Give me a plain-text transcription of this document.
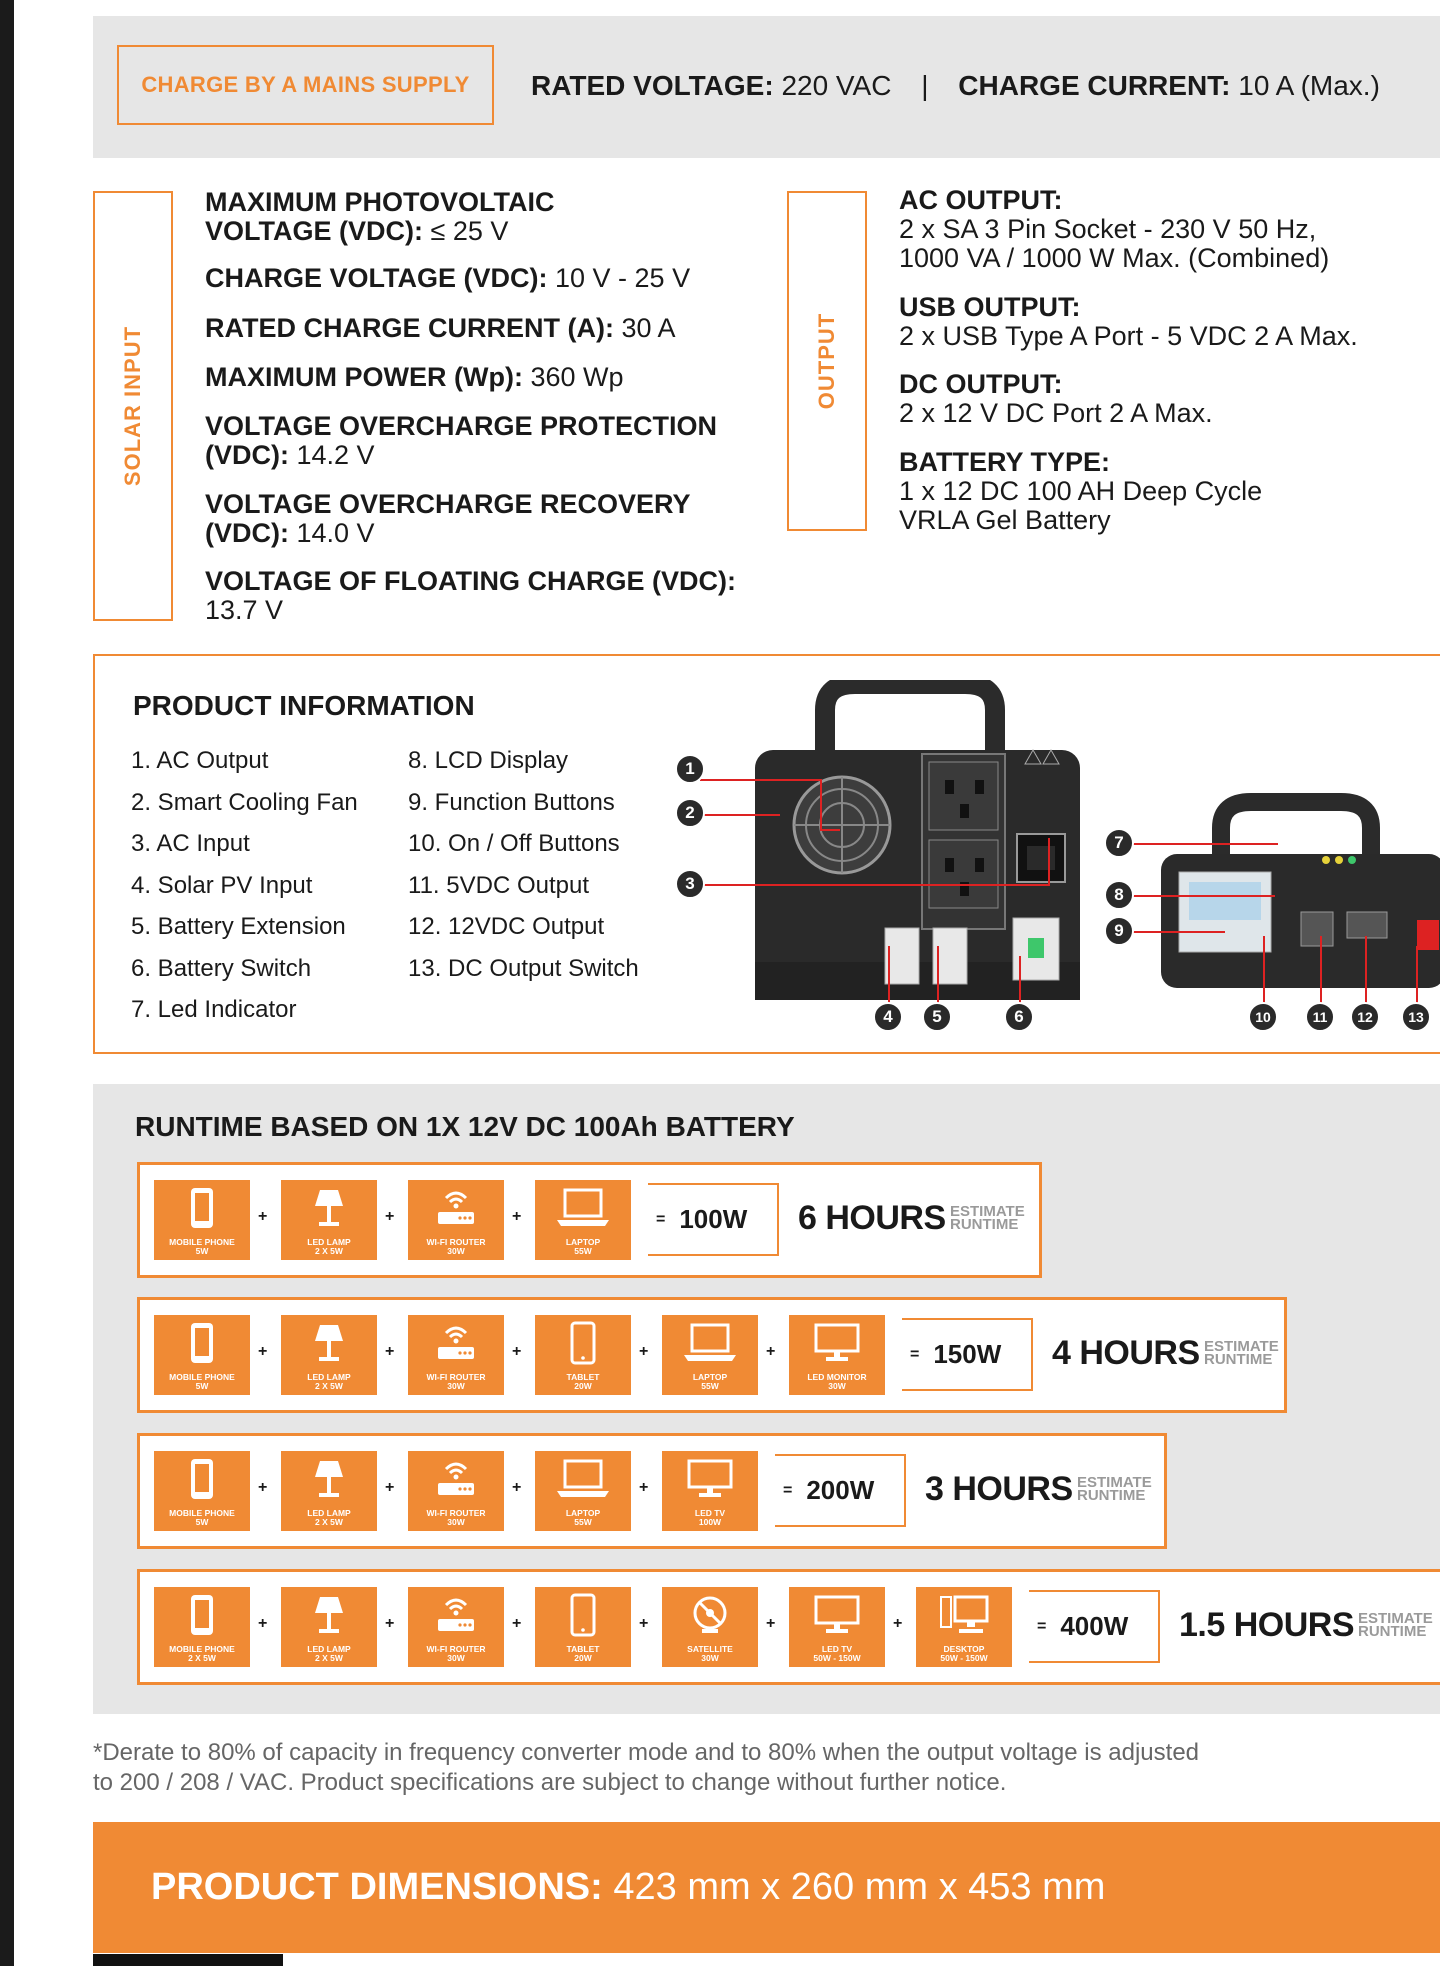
CHARGE BY A MAINS SUPPLY	RATED VOLTAGE: 220 VAC | CHARGE CURRENT: 10 A (Max.)
SOLAR INPUT
MAXIMUM PHOTOVOLTAIC
VOLTAGE (VDC): ≤ 25 V
CHARGE VOLTAGE (VDC): 10 V - 25 V
RATED CHARGE CURRENT (A): 30 A
MAXIMUM POWER (Wp): 360 Wp
VOLTAGE OVERCHARGE PROTECTION
(VDC): 14.2 V
VOLTAGE OVERCHARGE RECOVERY
(VDC): 14.0 V
VOLTAGE OF FLOATING CHARGE (VDC):
13.7 V
OUTPUT
AC OUTPUT:
2 x SA 3 Pin Socket - 230 V 50 Hz,
1000 VA / 1000 W Max. (Combined)
USB OUTPUT:
2 x USB Type A Port - 5 VDC 2 A Max.
DC OUTPUT:
2 x 12 V DC Port 2 A Max.
BATTERY TYPE:
1 x 12 DC 100 AH Deep Cycle
VRLA Gel Battery
PRODUCT INFORMATION
1. AC Output
2. Smart Cooling Fan
3. AC Input
4. Solar PV Input
5. Battery Extension
6. Battery Switch
7. Led Indicator
8. LCD Display
9. Function Buttons
10. On / Off Buttons
11. 5VDC Output
12. 12VDC Output
13. DC Output Switch
1
2
3
4	5	6
7
8
9
10	11	12	13
RUNTIME BASED ON 1X 12V DC 100Ah BATTERY
MOBILE PHONE
5W
+
LED LAMP
2 X 5W
+
WI-FI ROUTER
30W
+
LAPTOP
55W
= 100W 6 HOURS ESTIMATE
RUNTIME
MOBILE PHONE
5W
+
LED LAMP
2 X 5W
+
WI-FI ROUTER
30W
+
TABLET
20W
+
LAPTOP
55W
+
LED MONITOR
30W
= 150W 4 HOURS ESTIMATE
RUNTIME
MOBILE PHONE
5W
+
LED LAMP
2 X 5W
+
WI-FI ROUTER
30W
+
LAPTOP
55W
+
LED TV
100W
= 200W 3 HOURS ESTIMATE
RUNTIME
MOBILE PHONE
2 X 5W
+
LED LAMP
2 X 5W
+
WI-FI ROUTER
30W
+
TABLET
20W
+
SATELLITE
30W
+
LED TV
50W - 150W
+
DESKTOP
50W - 150W
= 400W 1.5 HOURS ESTIMATE
RUNTIME
*Derate to 80% of capacity in frequency converter mode and to 80% when the output voltage is adjusted
to 200 / 208 / VAC. Product specifications are subject to change without further notice.
PRODUCT DIMENSIONS: 423 mm x 260 mm x 453 mm
